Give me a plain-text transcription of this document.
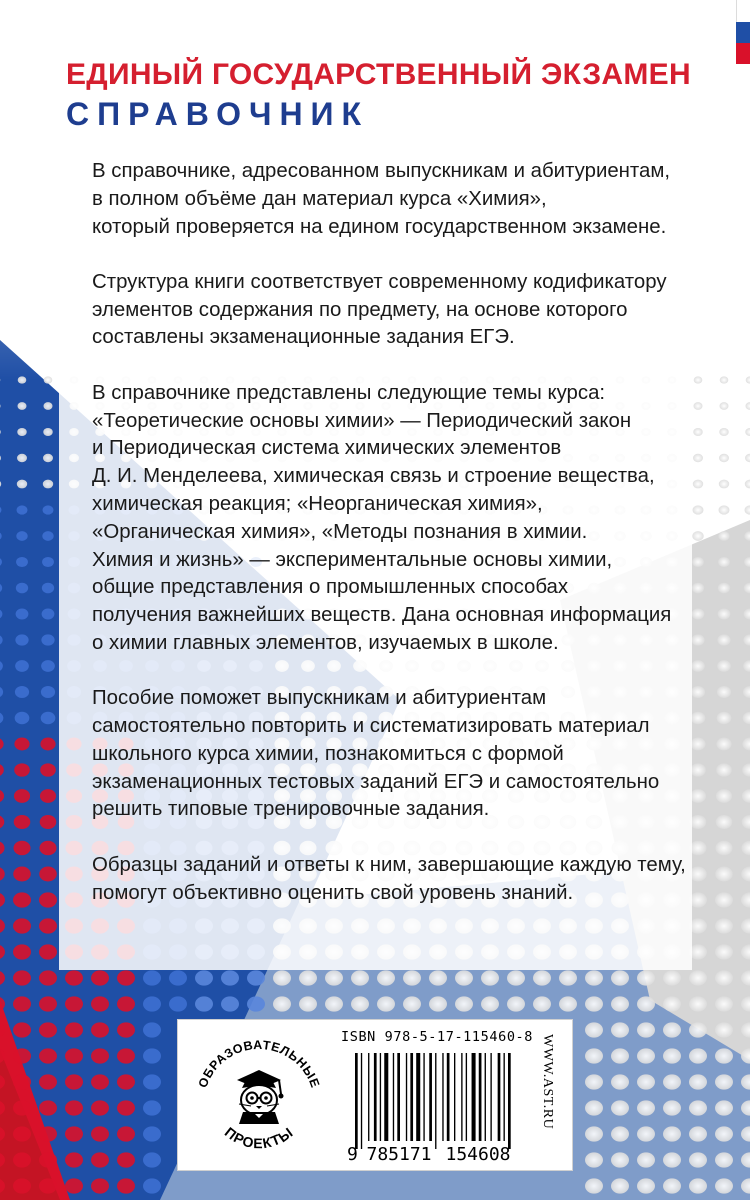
ЕДИНЫЙ ГОСУДАРСТВЕННЫЙ ЭКЗАМЕН
СПРАВОЧНИК

В справочнике, адресованном выпускникам и абитуриентам,
в полном объёме дан материал курса «Химия»,
который проверяется на едином государственном экзамене.

Структура книги соответствует современному кодификатору
элементов содержания по предмету, на основе которого
составлены экзаменационные задания ЕГЭ.

В справочнике представлены следующие темы курса:
«Теоретические основы химии» — Периодический закон
и Периодическая система химических элементов
Д. И. Менделеева, химическая связь и строение вещества,
химическая реакция; «Неорганическая химия»,
«Органическая химия», «Методы познания в химии.
Химия и жизнь» — экспериментальные основы химии,
общие представления о промышленных способах
получения важнейших веществ. Дана основная информация
о химии главных элементов, изучаемых в школе.

Пособие поможет выпускникам и абитуриентам
самостоятельно повторить и систематизировать материал
школьного курса химии, познакомиться с формой
экзаменационных тестовых заданий ЕГЭ и самостоятельно
решить типовые тренировочные задания.

Образцы заданий и ответы к ним, завершающие каждую тему,
помогут объективно оценить свой уровень знаний.

ОБРАЗОВАТЕЛЬНЫЕ
ПРОЕКТЫ
ISBN 978-5-17-115460-8
9 785171 154608
WWW.AST.RU
